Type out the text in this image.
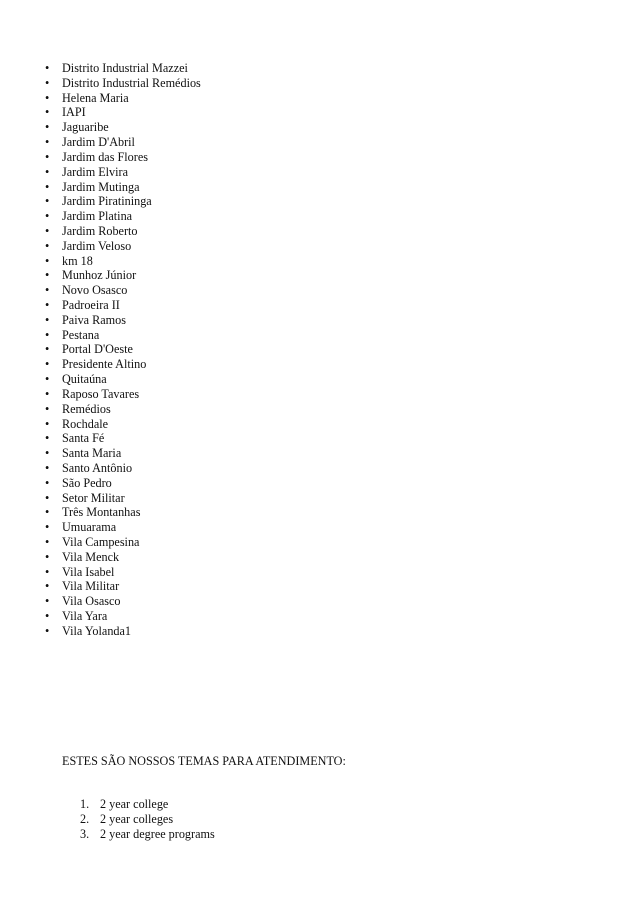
• Distrito Industrial Mazzei
• Distrito Industrial Remédios
• Helena Maria
• IAPI
• Jaguaribe
• Jardim D'Abril
• Jardim das Flores
• Jardim Elvira
• Jardim Mutinga
• Jardim Piratininga
• Jardim Platina
• Jardim Roberto
• Jardim Veloso
• km 18
• Munhoz Júnior
• Novo Osasco
• Padroeira II
• Paiva Ramos
• Pestana
• Portal D'Oeste
• Presidente Altino
• Quitaúna
• Raposo Tavares
• Remédios
• Rochdale
• Santa Fé
• Santa Maria
• Santo Antônio
• São Pedro
• Setor Militar
• Três Montanhas
• Umuarama
• Vila Campesina
• Vila Menck
• Vila Isabel
• Vila Militar
• Vila Osasco
• Vila Yara
• Vila Yolanda1
ESTES SÃO NOSSOS TEMAS PARA ATENDIMENTO:
1. 2 year college
2. 2 year colleges
3. 2 year degree programs
